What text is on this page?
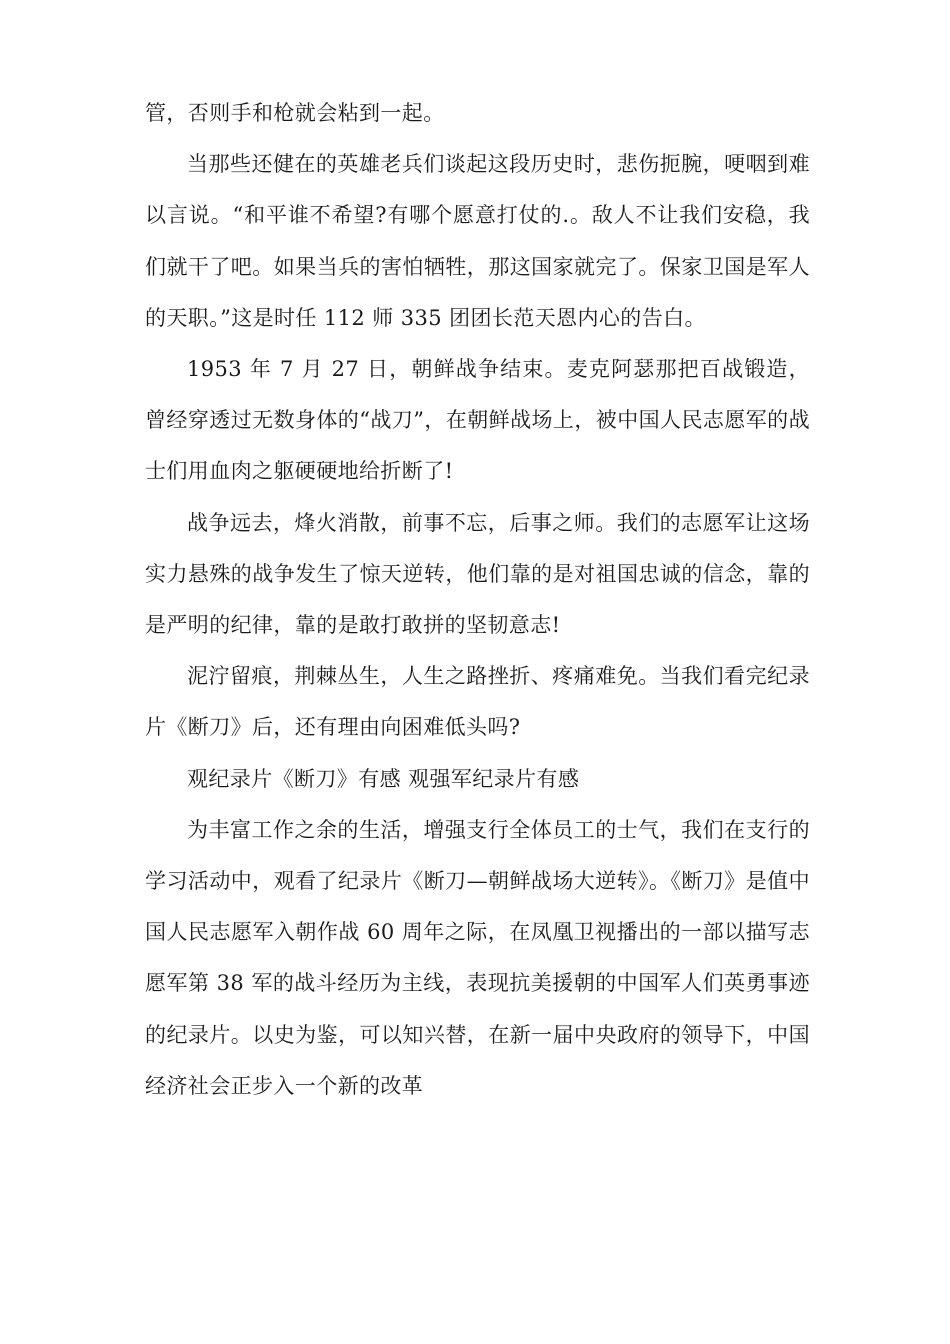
管，否则手和枪就会粘到一起。

当那些还健在的英雄老兵们谈起这段历史时，悲伤扼腕，哽咽到难以言说。“和平谁不希望?有哪个愿意打仗的.。敌人不让我们安稳，我们就干了吧。如果当兵的害怕牺牲，那这国家就完了。保家卫国是军人的天职。”这是时任 112 师 335 团团长范天恩内心的告白。

1953 年 7 月 27 日，朝鲜战争结束。麦克阿瑟那把百战锻造，曾经穿透过无数身体的“战刀”，在朝鲜战场上，被中国人民志愿军的战士们用血肉之躯硬硬地给折断了!

战争远去，烽火消散，前事不忘，后事之师。我们的志愿军让这场实力悬殊的战争发生了惊天逆转，他们靠的是对祖国忠诚的信念，靠的是严明的纪律，靠的是敢打敢拼的坚韧意志!

泥泞留痕，荆棘丛生，人生之路挫折、疼痛难免。当我们看完纪录片《断刀》后，还有理由向困难低头吗?

观纪录片《断刀》有感 观强军纪录片有感

为丰富工作之余的生活，增强支行全体员工的士气，我们在支行的学习活动中，观看了纪录片《断刀—朝鲜战场大逆转》。《断刀》是值中国人民志愿军入朝作战 60 周年之际，在凤凰卫视播出的一部以描写志愿军第 38 军的战斗经历为主线，表现抗美援朝的中国军人们英勇事迹的纪录片。以史为鉴，可以知兴替，在新一届中央政府的领导下，中国经济社会正步入一个新的改革
